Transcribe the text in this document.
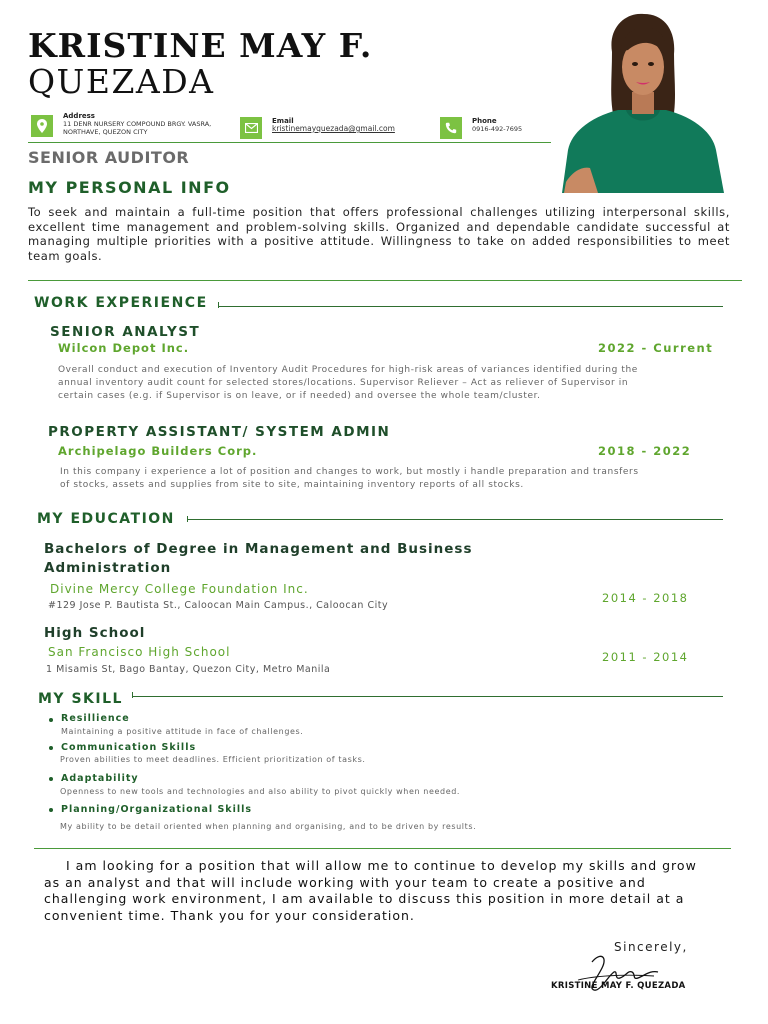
KRISTINE MAY F.
QUEZADA
Address
11 DENR NURSERY COMPOUND BRGY. VASRA,
NORTHAVE, QUEZON CITY
Email
kristinemayquezada@gmail.com
Phone
0916-492-7695
SENIOR AUDITOR
MY PERSONAL INFO
To seek and maintain a full-time position that offers professional challenges utilizing interpersonal skills, excellent time management and problem-solving skills. Organized and dependable candidate successful at managing multiple priorities with a positive attitude. Willingness to take on added responsibilities to meet team goals.
WORK EXPERIENCE
SENIOR ANALYST
Wilcon Depot Inc.	2022 - Current
Overall conduct and execution of Inventory Audit Procedures for high-risk areas of variances identified during the
annual inventory audit count for selected stores/locations. Supervisor Reliever – Act as reliever of Supervisor in
certain cases (e.g. if Supervisor is on leave, or if needed) and oversee the whole team/cluster.
PROPERTY ASSISTANT/ SYSTEM ADMIN
Archipelago Builders Corp.	2018 - 2022
In this company i experience a lot of position and changes to work, but mostly i handle preparation and transfers
of stocks, assets and supplies from site to site, maintaining inventory reports of all stocks.
MY EDUCATION
Bachelors of Degree in Management and Business
Administration
Divine Mercy College Foundation Inc.
#129 Jose P. Bautista St., Caloocan Main Campus., Caloocan City
2014 - 2018
High School
San Francisco High School
1 Misamis St, Bago Bantay, Quezon City, Metro Manila
2011 - 2014
MY SKILL
Resillience
Maintaining a positive attitude in face of challenges.
Communication Skills
Proven abilities to meet deadlines. Efficient prioritization of tasks.
Adaptability
Openness to new tools and technologies and also ability to pivot quickly when needed.
Planning/Organizational Skills
My ability to be detail oriented when planning and organising, and to be driven by results.
I am looking for a position that will allow me to continue to develop my skills and grow as an analyst and that will include working with your team to create a positive and challenging work environment, I am available to discuss this position in more detail at a convenient time. Thank you for your consideration.
Sincerely,
KRISTINE MAY F. QUEZADA
